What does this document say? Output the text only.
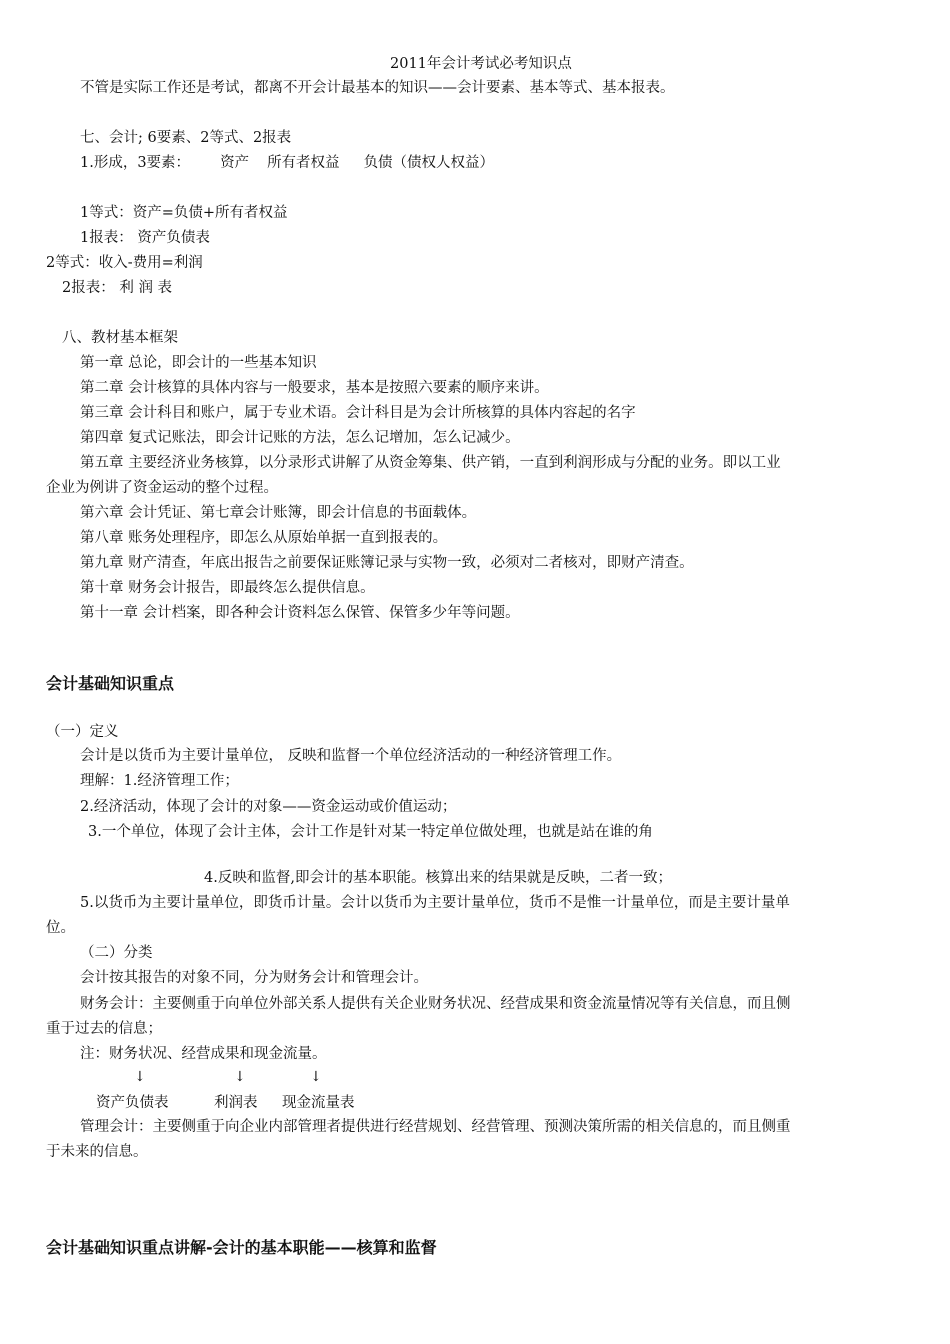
2011年会计考试必考知识点
不管是实际工作还是考试，都离不开会计最基本的知识——会计要素、基本等式、基本报表。
七、会计; 6要素、2等式、2报表
1.形成，3要素： 资产 所有者权益 负债（债权人权益）
1等式：资产=负债+所有者权益
1报表： 资产负债表
2等式：收入-费用=利润
2报表： 利 润 表
八、教材基本框架
第一章 总论，即会计的一些基本知识
第二章 会计核算的具体内容与一般要求，基本是按照六要素的顺序来讲。
第三章 会计科目和账户，属于专业术语。会计科目是为会计所核算的具体内容起的名字
第四章 复式记账法，即会计记账的方法，怎么记增加，怎么记减少。
第五章 主要经济业务核算，以分录形式讲解了从资金筹集、供产销，一直到利润形成与分配的业务。即以工业
企业为例讲了资金运动的整个过程。
第六章 会计凭证、第七章会计账簿，即会计信息的书面载体。
第八章 账务处理程序，即怎么从原始单据一直到报表的。
第九章 财产清查，年底出报告之前要保证账簿记录与实物一致，必须对二者核对，即财产清查。
第十章 财务会计报告，即最终怎么提供信息。
第十一章 会计档案，即各种会计资料怎么保管、保管多少年等问题。
会计基础知识重点
（一）定义
会计是以货币为主要计量单位， 反映和监督一个单位经济活动的一种经济管理工作。
理解：1.经济管理工作；
2.经济活动，体现了会计的对象——资金运动或价值运动；
3.一个单位，体现了会计主体，会计工作是针对某一特定单位做处理，也就是站在谁的角
4.反映和监督,即会计的基本职能。核算出来的结果就是反映，二者一致；
5.以货币为主要计量单位，即货币计量。会计以货币为主要计量单位，货币不是惟一计量单位，而是主要计量单
位。
（二）分类
会计按其报告的对象不同，分为财务会计和管理会计。
财务会计：主要侧重于向单位外部关系人提供有关企业财务状况、经营成果和资金流量情况等有关信息，而且侧
重于过去的信息；
注：财务状况、经营成果和现金流量。
↓	↓	↓
资产负债表	利润表 现金流量表
管理会计：主要侧重于向企业内部管理者提供进行经营规划、经营管理、预测决策所需的相关信息的，而且侧重
于未来的信息。
会计基础知识重点讲解-会计的基本职能——核算和监督
